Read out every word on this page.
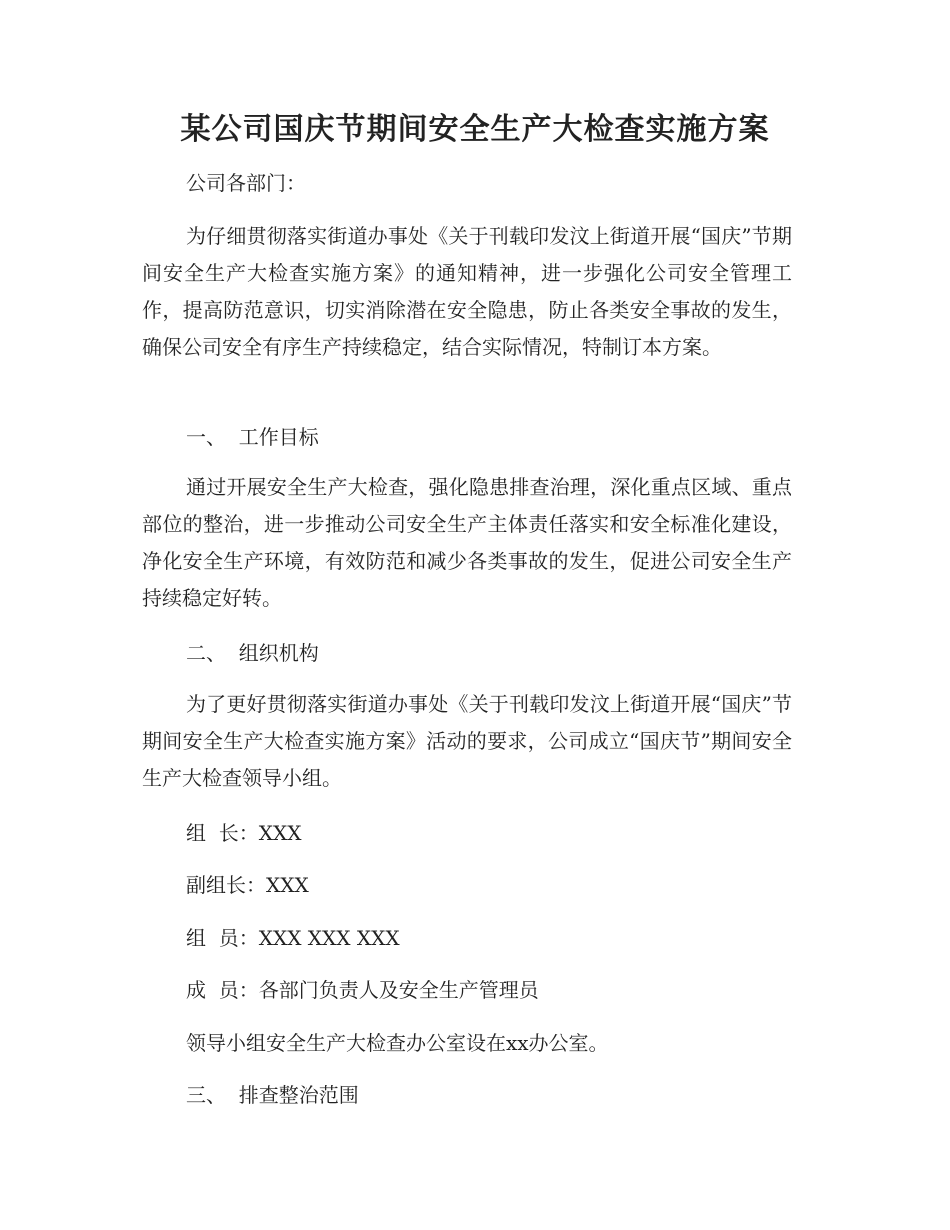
某公司国庆节期间安全生产大检查实施方案
公司各部门：
为仔细贯彻落实街道办事处《关于刊载印发汶上街道开展“国庆”节期间安全生产大检查实施方案》的通知精神，进一步强化公司安全管理工作，提高防范意识，切实消除潜在安全隐患，防止各类安全事故的发生，确保公司安全有序生产持续稳定，结合实际情况，特制订本方案。
一、  工作目标
通过开展安全生产大检查，强化隐患排查治理，深化重点区域、重点部位的整治，进一步推动公司安全生产主体责任落实和安全标准化建设，净化安全生产环境，有效防范和减少各类事故的发生，促进公司安全生产持续稳定好转。
二、  组织机构
为了更好贯彻落实街道办事处《关于刊载印发汶上街道开展“国庆”节期间安全生产大检查实施方案》活动的要求，公司成立“国庆节”期间安全生产大检查领导小组。
组  长：XXX
副组长：XXX
组  员：XXX XXX XXX
成  员：各部门负责人及安全生产管理员
领导小组安全生产大检查办公室设在xx办公室。
三、  排查整治范围
